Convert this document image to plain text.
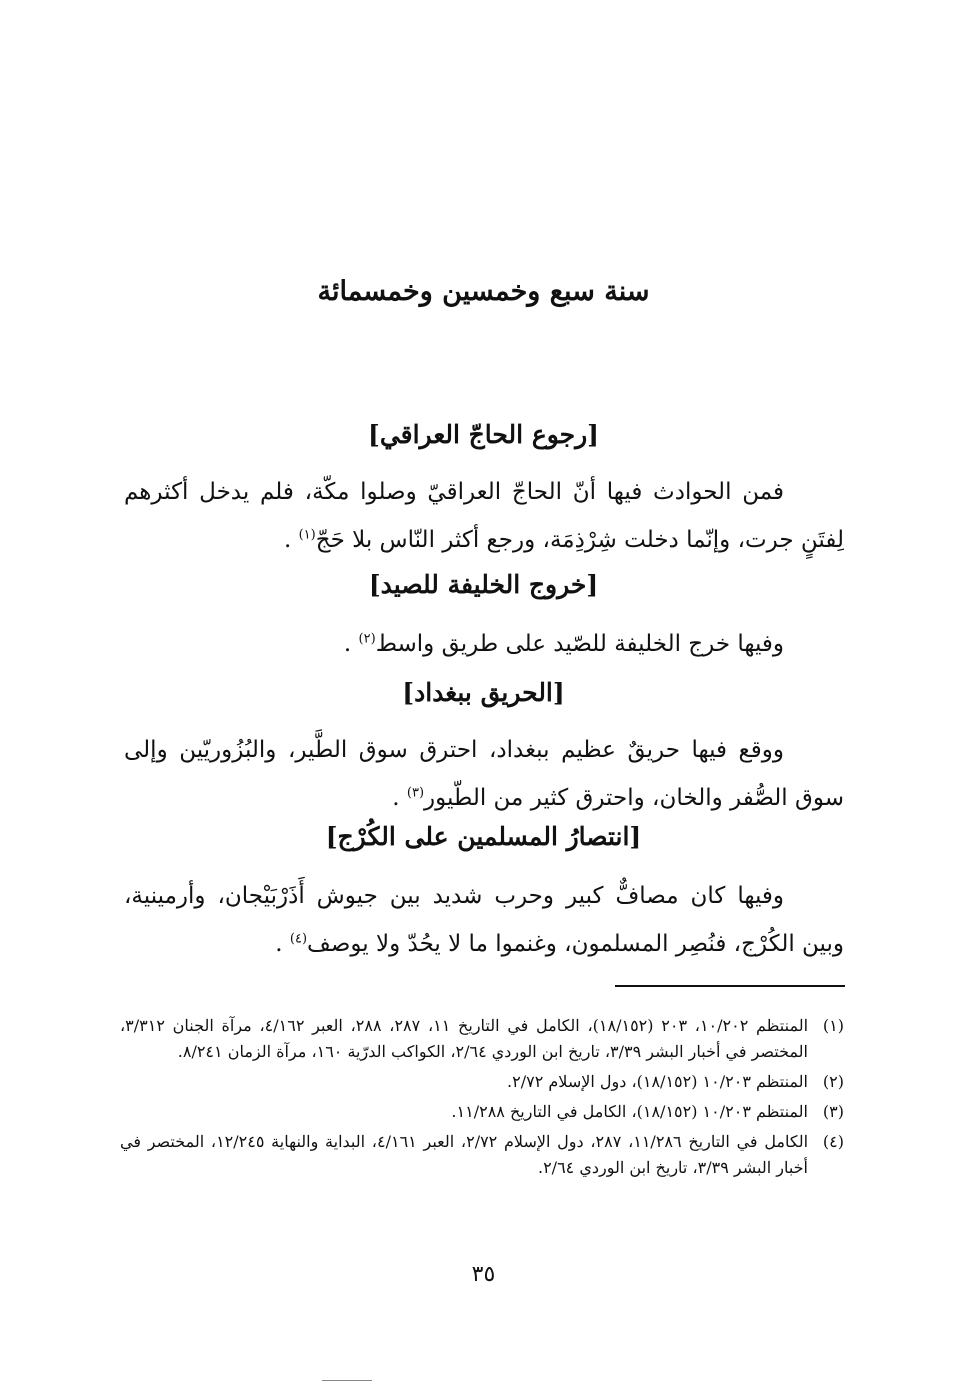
سنة سبع وخمسين وخمسمائة
[رجوع الحاجّ العراقي]
فمن الحوادث فيها أنّ الحاجّ العراقيّ وصلوا مكّة، فلم يدخل أكثرهم
لِفتَنٍ جرت، وإنّما دخلت شِرْذِمَة، ورجع أكثر النّاس بلا حَجّ$^{(١)}$ .
[خروج الخليفة للصيد]
وفيها خرج الخليفة للصّيد على طريق واسط$^{(٢)}$ .
[الحريق ببغداد]
ووقع فيها حريقٌ عظيم ببغداد، احترق سوق الطَّير، والبُزُوريّين وإلى
سوق الصُّفر والخان، واحترق كثير من الطّيور$^{(٣)}$ .
[انتصارُ المسلمين على الكُرْج]
وفيها كان مصافٌّ كبير وحرب شديد بين جيوش أَذَرْبَيْجان، وأرمينية،
وبين الكُرْج، فنُصِر المسلمون، وغنموا ما لا يحُدّ ولا يوصف$^{(٤)}$ .
(١)
المنتظم ١٠/٢٠٢، ٢٠٣ (١٨/١٥٢)، الكامل في التاريخ ١١، ٢٨٧، ٢٨٨، العبر ٤/١٦٢، مرآة الجنان ٣/٣١٢، المختصر في أخبار البشر ٣/٣٩، تاريخ ابن الوردي ٢/٦٤، الكواكب الدرّية ١٦٠، مرآة الزمان ٨/٢٤١.
(٢)
المنتظم ١٠/٢٠٣ (١٨/١٥٢)، دول الإسلام ٢/٧٢.
(٣)
المنتظم ١٠/٢٠٣ (١٨/١٥٢)، الكامل في التاريخ ١١/٢٨٨.
(٤)
الكامل في التاريخ ١١/٢٨٦، ٢٨٧، دول الإسلام ٢/٧٢، العبر ٤/١٦١، البداية والنهاية ١٢/٢٤٥، المختصر في أخبار البشر ٣/٣٩، تاريخ ابن الوردي ٢/٦٤.
٣٥
